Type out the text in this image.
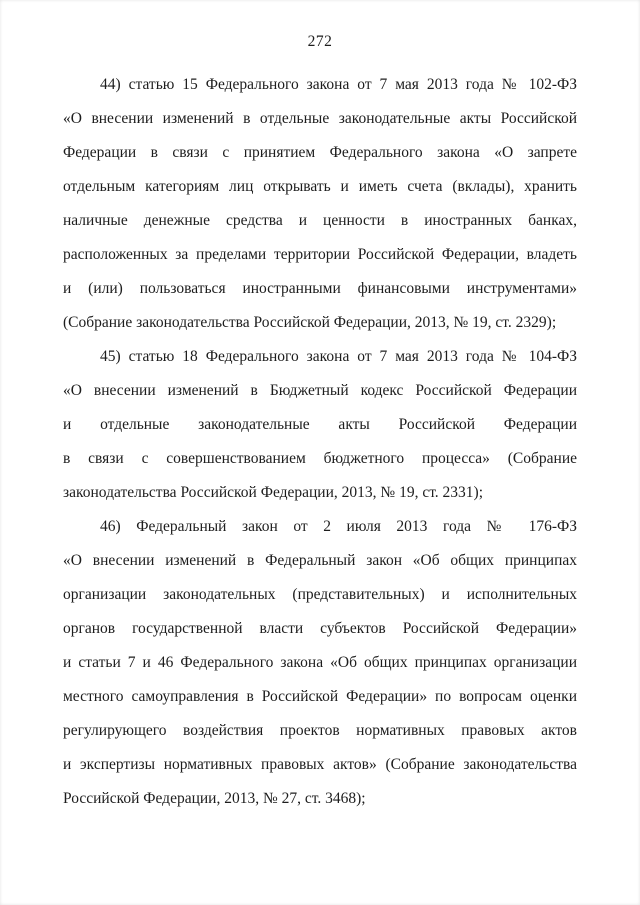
272
44) статью 15 Федерального закона от 7 мая 2013 года № 102-ФЗ
«О внесении изменений в отдельные законодательные акты Российской
Федерации в связи с принятием Федерального закона «О запрете
отдельным категориям лиц открывать и иметь счета (вклады), хранить
наличные денежные средства и ценности в иностранных банках,
расположенных за пределами территории Российской Федерации, владеть
и (или) пользоваться иностранными финансовыми инструментами»
(Собрание законодательства Российской Федерации, 2013, № 19, ст. 2329);
45) статью 18 Федерального закона от 7 мая 2013 года № 104-ФЗ
«О внесении изменений в Бюджетный кодекс Российской Федерации
и отдельные законодательные акты Российской Федерации
в связи с совершенствованием бюджетного процесса» (Собрание
законодательства Российской Федерации, 2013, № 19, ст. 2331);
46) Федеральный закон от 2 июля 2013 года № 176-ФЗ
«О внесении изменений в Федеральный закон «Об общих принципах
организации законодательных (представительных) и исполнительных
органов государственной власти субъектов Российской Федерации»
и статьи 7 и 46 Федерального закона «Об общих принципах организации
местного самоуправления в Российской Федерации» по вопросам оценки
регулирующего воздействия проектов нормативных правовых актов
и экспертизы нормативных правовых актов» (Собрание законодательства
Российской Федерации, 2013, № 27, ст. 3468);
